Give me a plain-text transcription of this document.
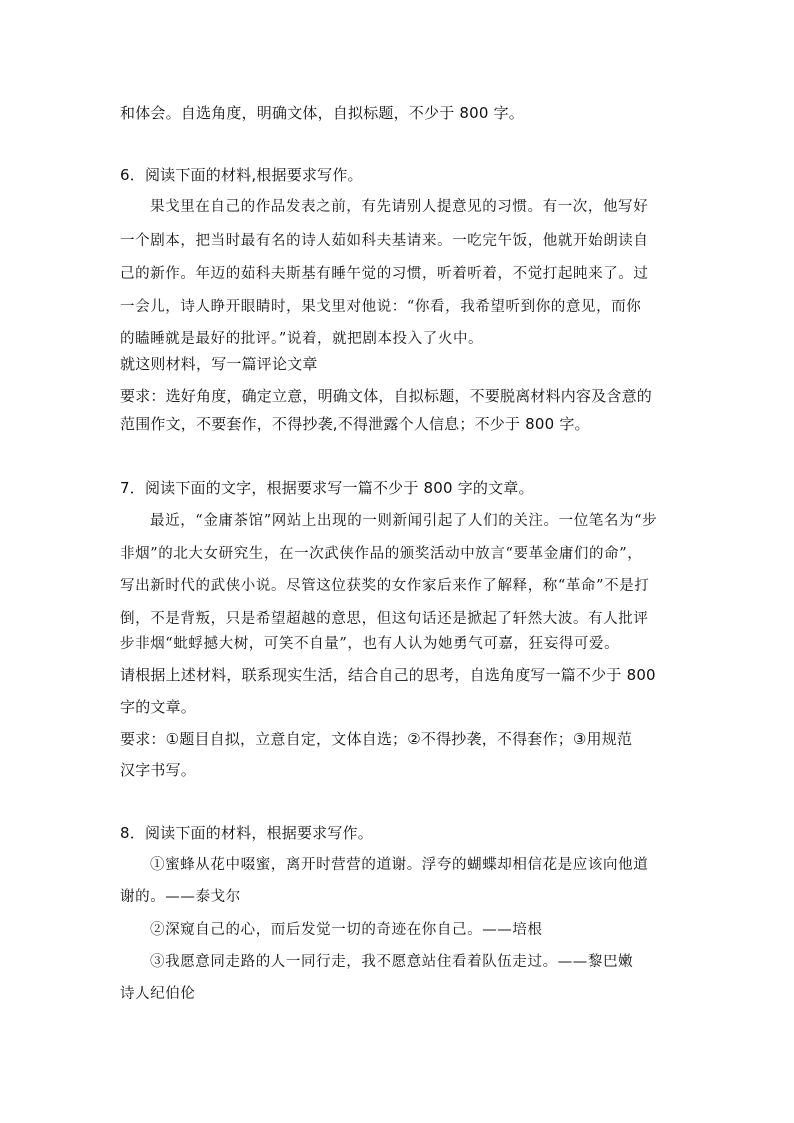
和体会。自选角度，明确文体，自拟标题，不少于 800 字。
6．阅读下面的材料,根据要求写作。
果戈里在自己的作品发表之前，有先请别人提意见的习惯。有一次，他写好
一个剧本，把当时最有名的诗人茹如科夫基请来。一吃完午饭，他就开始朗读自
己的新作。年迈的茹科夫斯基有睡午觉的习惯，听着听着，不觉打起盹来了。过
一会儿，诗人睁开眼睛时，果戈里对他说：“你看，我希望听到你的意见，而你
的瞌睡就是最好的批评。”说着，就把剧本投入了火中。
就这则材料，写一篇评论文章
要求：选好角度，确定立意，明确文体，自拟标题，不要脱离材料内容及含意的
范围作文，不要套作，不得抄袭,不得泄露个人信息；不少于 800 字。
7．阅读下面的文字，根据要求写一篇不少于 800 字的文章。
最近，“金庸茶馆”网站上出现的一则新闻引起了人们的关注。一位笔名为“步
非烟”的北大女研究生，在一次武侠作品的颁奖活动中放言“要革金庸们的命”，
写出新时代的武侠小说。尽管这位获奖的女作家后来作了解释，称“革命”不是打
倒，不是背叛，只是希望超越的意思，但这句话还是掀起了轩然大波。有人批评
步非烟“蚍蜉撼大树，可笑不自量”，也有人认为她勇气可嘉，狂妄得可爱。
请根据上述材料，联系现实生活，结合自己的思考，自选角度写一篇不少于 800
字的文章。
要求：①题目自拟，立意自定，文体自选；②不得抄袭，不得套作；③用规范
汉字书写。
8．阅读下面的材料，根据要求写作。
①蜜蜂从花中啜蜜，离开时营营的道谢。浮夸的蝴蝶却相信花是应该向他道
谢的。——泰戈尔
②深窥自己的心，而后发觉一切的奇迹在你自己。——培根
③我愿意同走路的人一同行走，我不愿意站住看着队伍走过。——黎巴嫩
诗人纪伯伦
